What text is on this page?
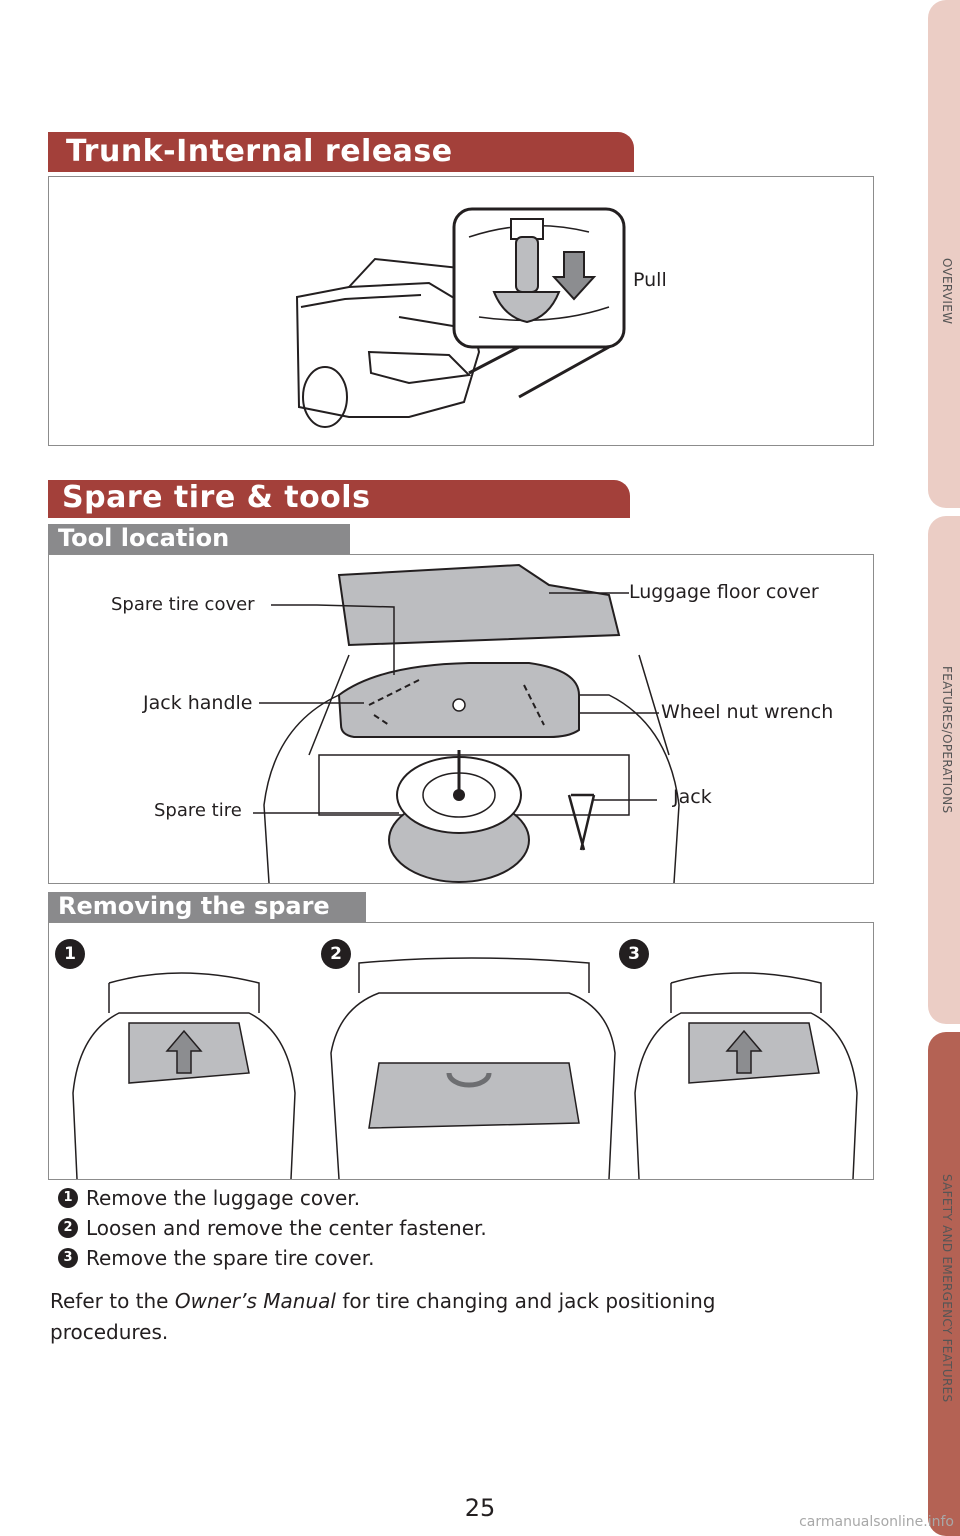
OVERVIEW
FEATURES/OPERATIONS
SAFETY AND EMERGENCY FEATURES
Trunk-Internal release
Pull
Spare tire & tools
Tool location
Luggage floor cover
Spare tire cover
Jack handle	Wheel nut wrench
Spare tire
Jack
Removing the spare
1	2	3
1 Remove the luggage cover.
2 Loosen and remove the center fastener.
3 Remove the spare tire cover.
Refer to the Owner’s Manual for tire changing and jack positioning procedures.
25	carmanualsonline.info
